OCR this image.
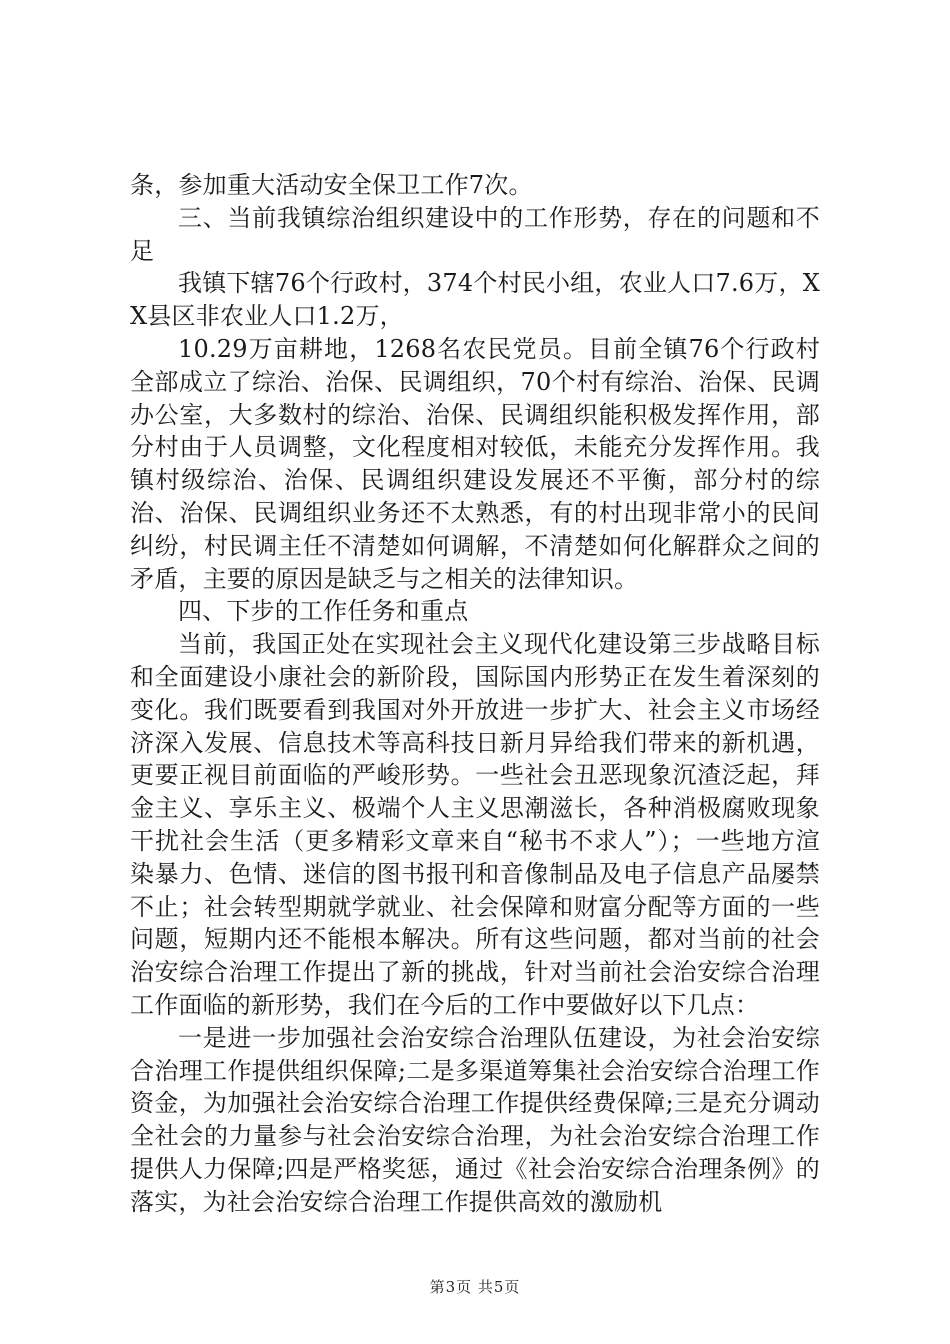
条，参加重大活动安全保卫工作7次。

三、当前我镇综治组织建设中的工作形势，存在的问题和不足

我镇下辖76个行政村，374个村民小组，农业人口7.6万，XX县区非农业人口1.2万，

10.29万亩耕地，1268名农民党员。目前全镇76个行政村全部成立了综治、治保、民调组织，70个村有综治、治保、民调办公室，大多数村的综治、治保、民调组织能积极发挥作用，部分村由于人员调整，文化程度相对较低，未能充分发挥作用。我镇村级综治、治保、民调组织建设发展还不平衡，部分村的综治、治保、民调组织业务还不太熟悉，有的村出现非常小的民间纠纷，村民调主任不清楚如何调解，不清楚如何化解群众之间的矛盾，主要的原因是缺乏与之相关的法律知识。

四、下步的工作任务和重点

当前，我国正处在实现社会主义现代化建设第三步战略目标和全面建设小康社会的新阶段，国际国内形势正在发生着深刻的变化。我们既要看到我国对外开放进一步扩大、社会主义市场经济深入发展、信息技术等高科技日新月异给我们带来的新机遇，更要正视目前面临的严峻形势。一些社会丑恶现象沉渣泛起，拜金主义、享乐主义、极端个人主义思潮滋长，各种消极腐败现象干扰社会生活（更多精彩文章来自“秘书不求人”）；一些地方渲染暴力、色情、迷信的图书报刊和音像制品及电子信息产品屡禁不止；社会转型期就学就业、社会保障和财富分配等方面的一些问题，短期内还不能根本解决。所有这些问题，都对当前的社会治安综合治理工作提出了新的挑战，针对当前社会治安综合治理工作面临的新形势，我们在今后的工作中要做好以下几点：

一是进一步加强社会治安综合治理队伍建设，为社会治安综合治理工作提供组织保障;二是多渠道筹集社会治安综合治理工作资金，为加强社会治安综合治理工作提供经费保障;三是充分调动全社会的力量参与社会治安综合治理，为社会治安综合治理工作提供人力保障;四是严格奖惩，通过《社会治安综合治理条例》的落实，为社会治安综合治理工作提供高效的激励机

第3页 共5页
